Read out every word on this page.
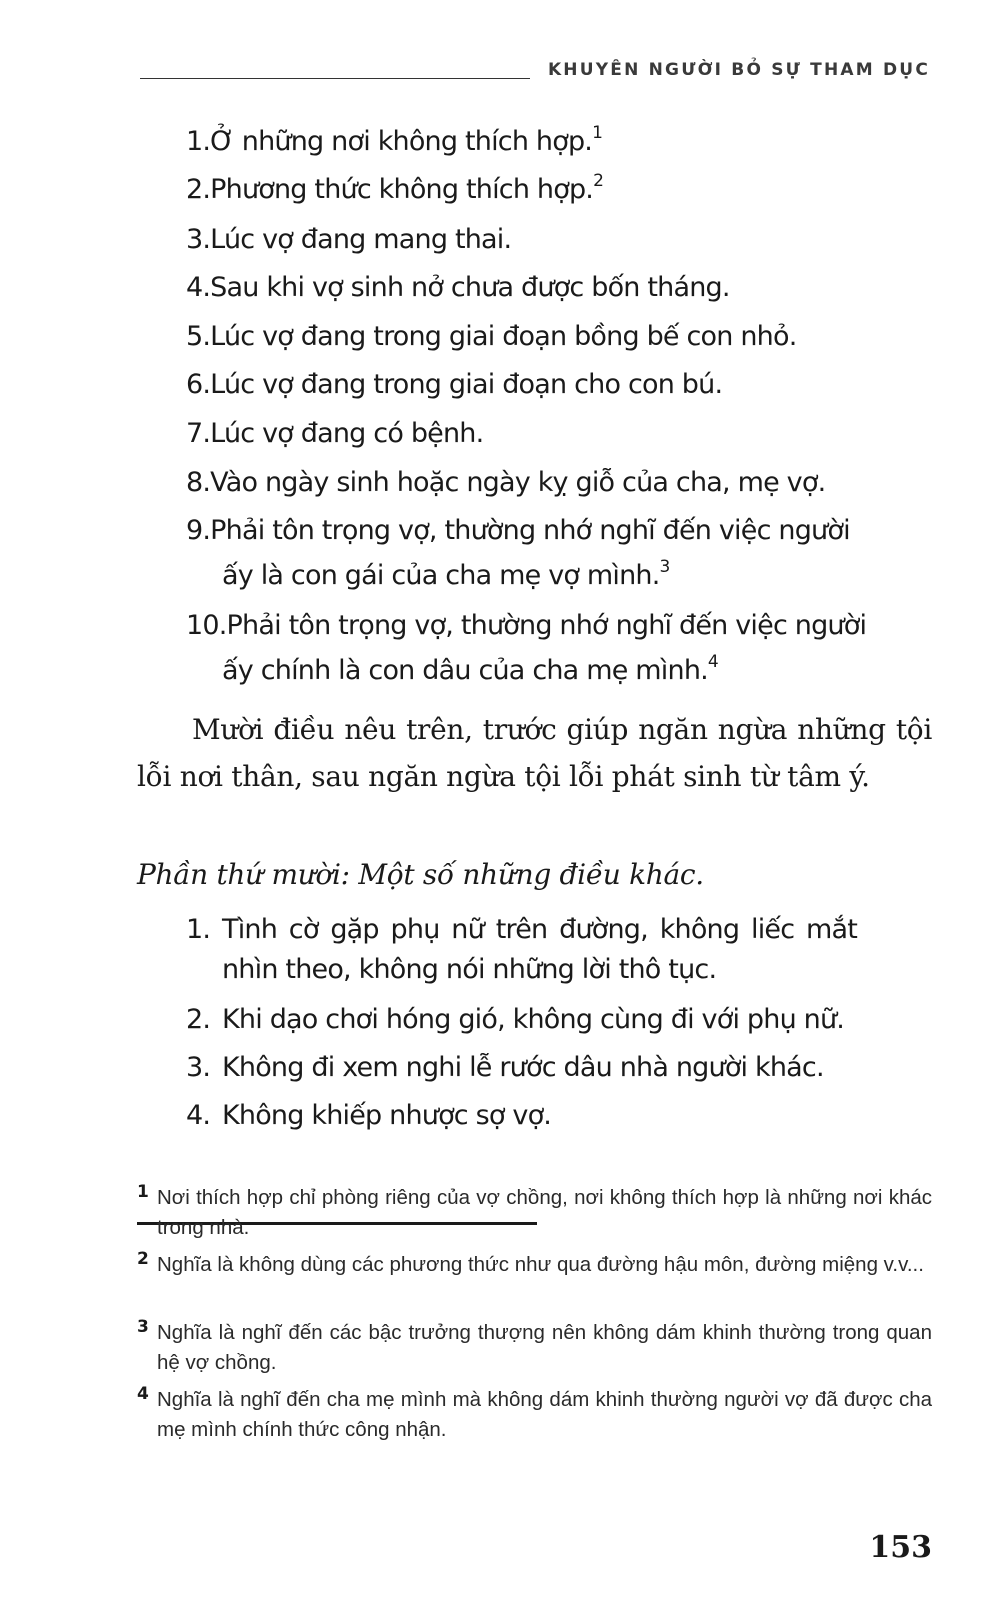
KHUYÊN NGƯỜI BỎ SỰ THAM DỤC
1.Ở những nơi không thích hợp.$^1$
2.Phương thức không thích hợp.$^2$
3.Lúc vợ đang mang thai.
4.Sau khi vợ sinh nở chưa được bốn tháng.
5.Lúc vợ đang trong giai đoạn bồng bế con nhỏ.
6.Lúc vợ đang trong giai đoạn cho con bú.
7.Lúc vợ đang có bệnh.
8.Vào ngày sinh hoặc ngày kỵ giỗ của cha, mẹ vợ.
9.Phải tôn trọng vợ, thường nhớ nghĩ đến việc người
ấy là con gái của cha mẹ vợ mình.$^3$
10.Phải tôn trọng vợ, thường nhớ nghĩ đến việc người
ấy chính là con dâu của cha mẹ mình.$^4$

Mười điều nêu trên, trước giúp ngăn ngừa những tội lỗi nơi thân, sau ngăn ngừa tội lỗi phát sinh từ tâm ý.

Phần thứ mười: Một số những điều khác.

1. Tình cờ gặp phụ nữ trên đường, không liếc mắt
nhìn theo, không nói những lời thô tục.
2. Khi dạo chơi hóng gió, không cùng đi với phụ nữ.
3. Không đi xem nghi lễ rước dâu nhà người khác.
4. Không khiếp nhược sợ vợ.
1 Nơi thích hợp chỉ phòng riêng của vợ chồng, nơi không thích hợp là những nơi khác trong nhà.
2 Nghĩa là không dùng các phương thức như qua đường hậu môn, đường miệng v.v...
3 Nghĩa là nghĩ đến các bậc trưởng thượng nên không dám khinh thường trong quan hệ vợ chồng.
4 Nghĩa là nghĩ đến cha mẹ mình mà không dám khinh thường người vợ đã được cha mẹ mình chính thức công nhận.
153
